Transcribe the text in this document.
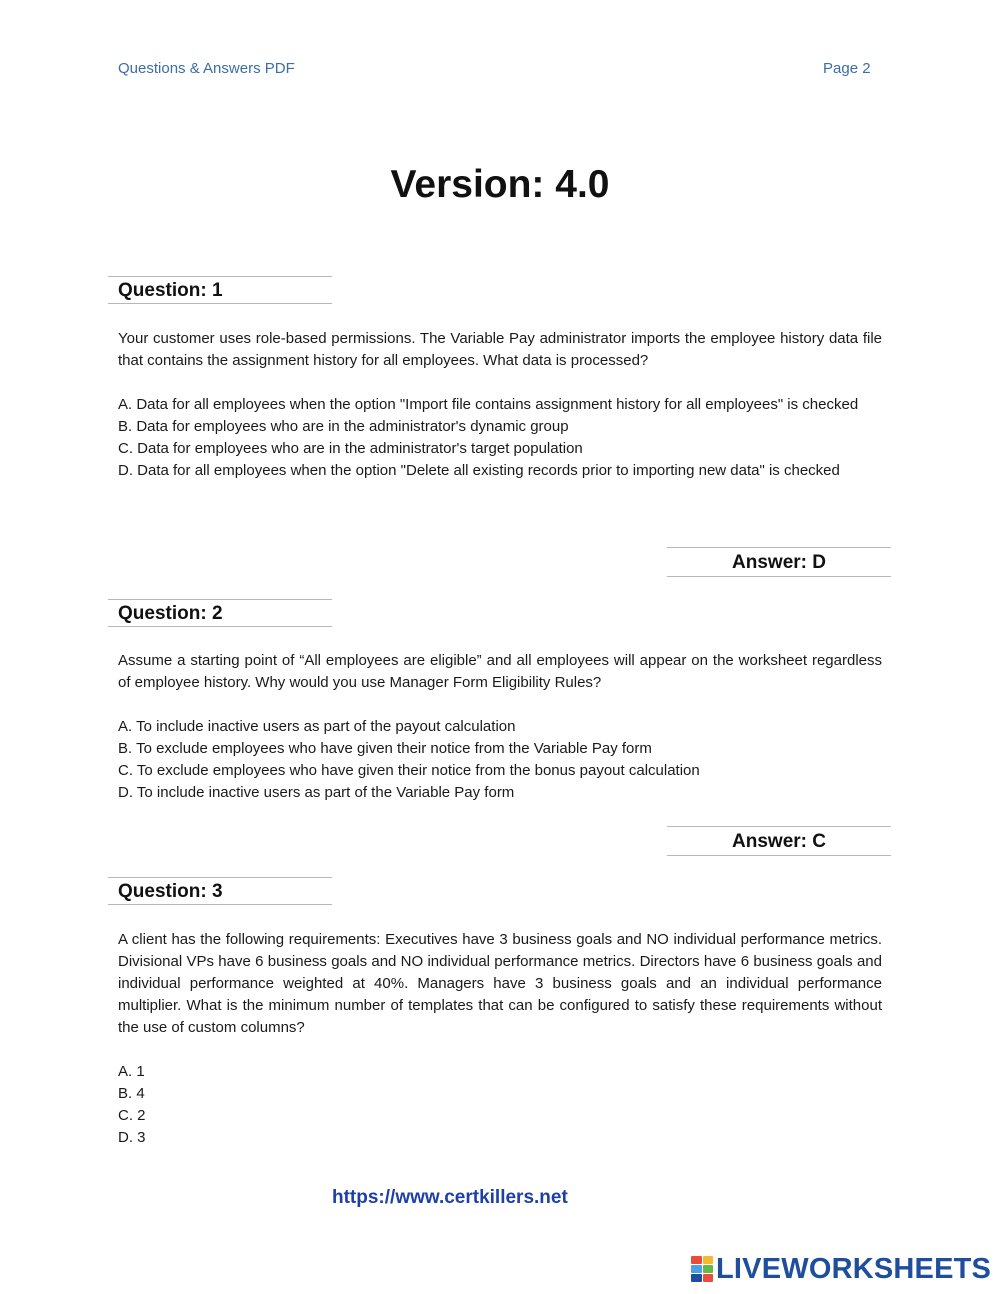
Questions & Answers PDF	Page 2
Version: 4.0
Question: 1
Your customer uses role-based permissions. The Variable Pay administrator imports the employee history data file that contains the assignment history for all employees. What data is processed?
A. Data for all employees when the option "Import file contains assignment history for all employees" is checked
B. Data for employees who are in the administrator's dynamic group
C. Data for employees who are in the administrator's target population
D. Data for all employees when the option "Delete all existing records prior to importing new data" is checked
Answer: D
Question: 2
Assume a starting point of “All employees are eligible” and all employees will appear on the worksheet regardless of employee history. Why would you use Manager Form Eligibility Rules?
A. To include inactive users as part of the payout calculation
B. To exclude employees who have given their notice from the Variable Pay form
C. To exclude employees who have given their notice from the bonus payout calculation
D. To include inactive users as part of the Variable Pay form
Answer: C
Question: 3
A client has the following requirements: Executives have 3 business goals and NO individual performance metrics. Divisional VPs have 6 business goals and NO individual performance metrics. Directors have 6 business goals and individual performance weighted at 40%. Managers have 3 business goals and an individual performance multiplier. What is the minimum number of templates that can be configured to satisfy these requirements without the use of custom columns?
A. 1
B. 4
C. 2
D. 3
https://www.certkillers.net
LIVEWORKSHEETS
